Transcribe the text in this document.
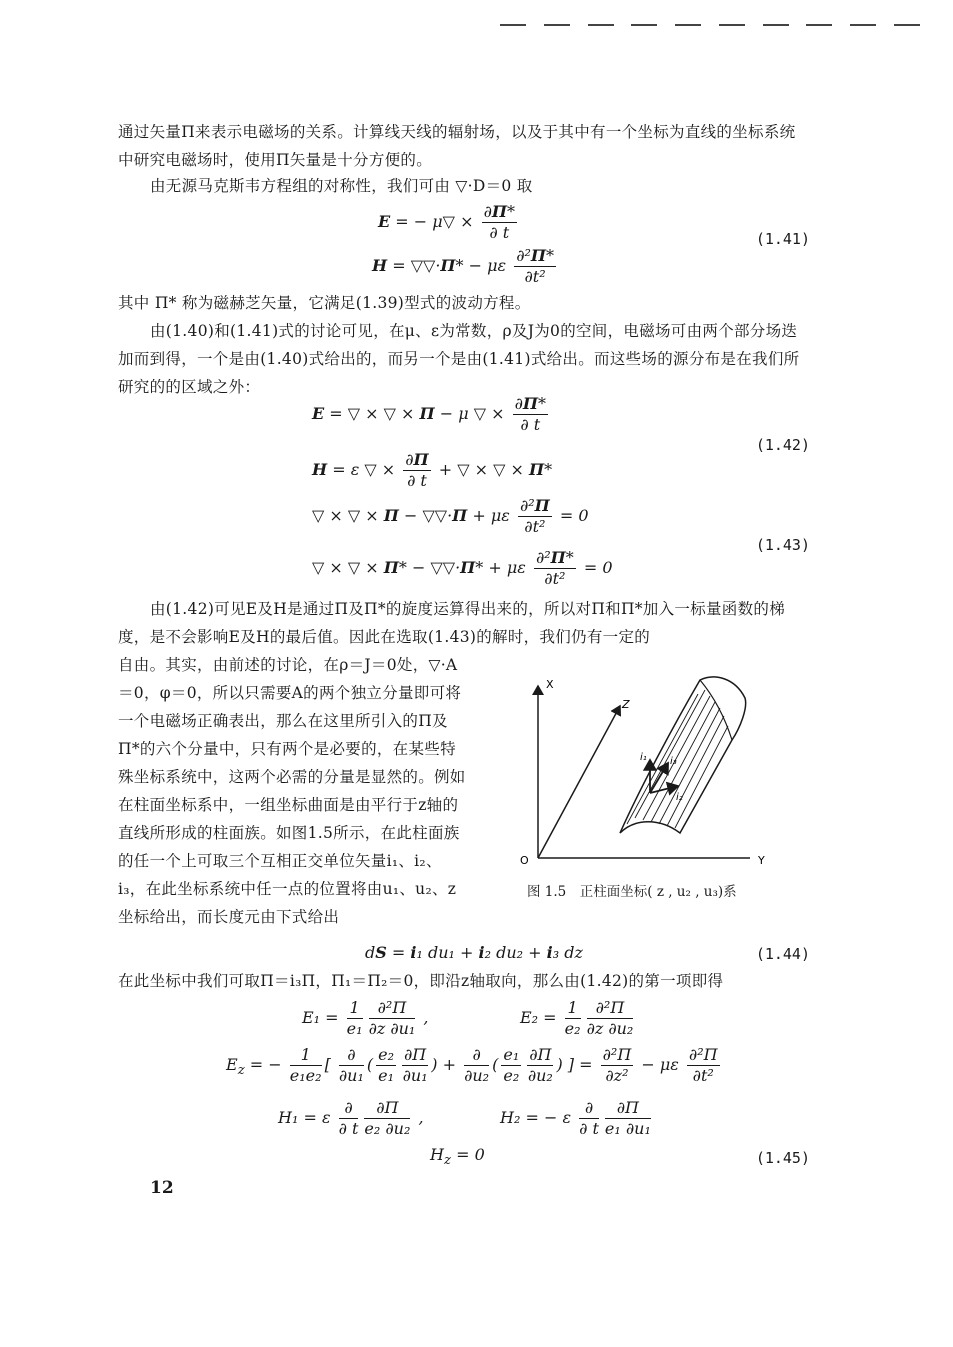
通过矢量Π来表示电磁场的关系。计算线天线的辐射场，以及于其中有一个坐标为直线的坐标系统中研究电磁场时，使用Π矢量是十分方便的。
由无源马克斯韦方程组的对称性，我们可由 ▽·D＝0 取
E = − μ▽ × $\frac{\partial\Pi*}{\partial t}$
H = ▽▽·Π* − με $\frac{\text{∂²Π*}}{\text{∂t²}}$
(1.41)
其中 Π* 称为磁赫芝矢量，它满足(1.39)型式的波动方程。
由(1.40)和(1.41)式的讨论可见，在μ、ε为常数，ρ及J为0的空间，电磁场可由两个部分场迭加而到得，一个是由(1.40)式给出的，而另一个是由(1.41)式给出。而这些场的源分布是在我们所研究的的区域之外：
E = ▽ × ▽ × Π − μ ▽ × $\frac{\partial\Pi*}{\partial t}$
H = ε ▽ × $\frac{\partial\Pi}{\partial t}$ + ▽ × ▽ × Π*
(1.42)
▽ × ▽ × Π − ▽▽·Π + με $\frac{\text{∂²Π}}{\text{∂t²}} = 0$
▽ × ▽ × Π* − ▽▽·Π* + με $\frac{\text{∂²Π*}}{\text{∂t²}} = 0$
(1.43)
由(1.42)可见E及H是通过Π及Π*的旋度运算得出来的，所以对Π和Π*加入一标量函数的梯度，是不会影响E及H的最后值。因此在选取(1.43)的解时，我们仍有一定的
自由。其实，由前述的讨论，在ρ＝J＝0处，▽·A＝0，φ＝0，所以只需要A的两个独立分量即可将一个电磁场正确表出，那么在这里所引入的Π及Π*的六个分量中，只有两个是必要的，在某些特殊坐标系统中，这两个必需的分量是显然的。例如在柱面坐标系中，一组坐标曲面是由平行于z轴的直线所形成的柱面族。如图1.5所示，在此柱面族的任一个上可取三个互相正交单位矢量i₁、i₂、i₃，在此坐标系统中任一点的位置将由u₁、u₂、z坐标给出，而长度元由下式给出
X
Y
Z
O
i₁ i₃
i₂
图 1.5　正柱面坐标( z , u₂ , u₃)系
dS = i₁ du₁ + i₂ du₂ + i₃ dz	(1.44)
在此坐标中我们可取Π＝i₃Π，Π₁＝Π₂＝0，即沿z轴取向，那么由(1.42)的第一项即得
$E_1 = \frac{1}{\text{e₁}} \frac{\text{∂²Π}}{\text{∂z ∂u₁}}$ ,	$E_2 = \frac{1}{\text{e₂}} \frac{\text{∂²Π}}{\text{∂z ∂u₂}}$
$E_z$ = − $\frac{1}{\text{e₁e₂}}$ [ $\frac{\partial}{\text{∂u₁}}$ ( $\frac{\text{e₂}}{\text{e₁}} \frac{\partial\Pi}{\text{∂u₁}}$ ) + $\frac{\partial}{\text{∂u₂}}$ ( $\frac{\text{e₁}}{\text{e₂}} \frac{\partial\Pi}{\text{∂u₂}}$ ) ] = $\frac{\text{∂²Π}}{\text{∂z²}} - \mu\varepsilon \frac{\text{∂²Π}}{\text{∂t²}}$
H₁ = ε $\frac{\partial}{\partial t} \frac{\partial\Pi}{\text{e₂ ∂u₂}}$ ,	H₂ = − ε $\frac{\partial}{\partial t} \frac{\partial\Pi}{\text{e₁ ∂u₁}}$
$H_z = 0$	(1.45)
12
